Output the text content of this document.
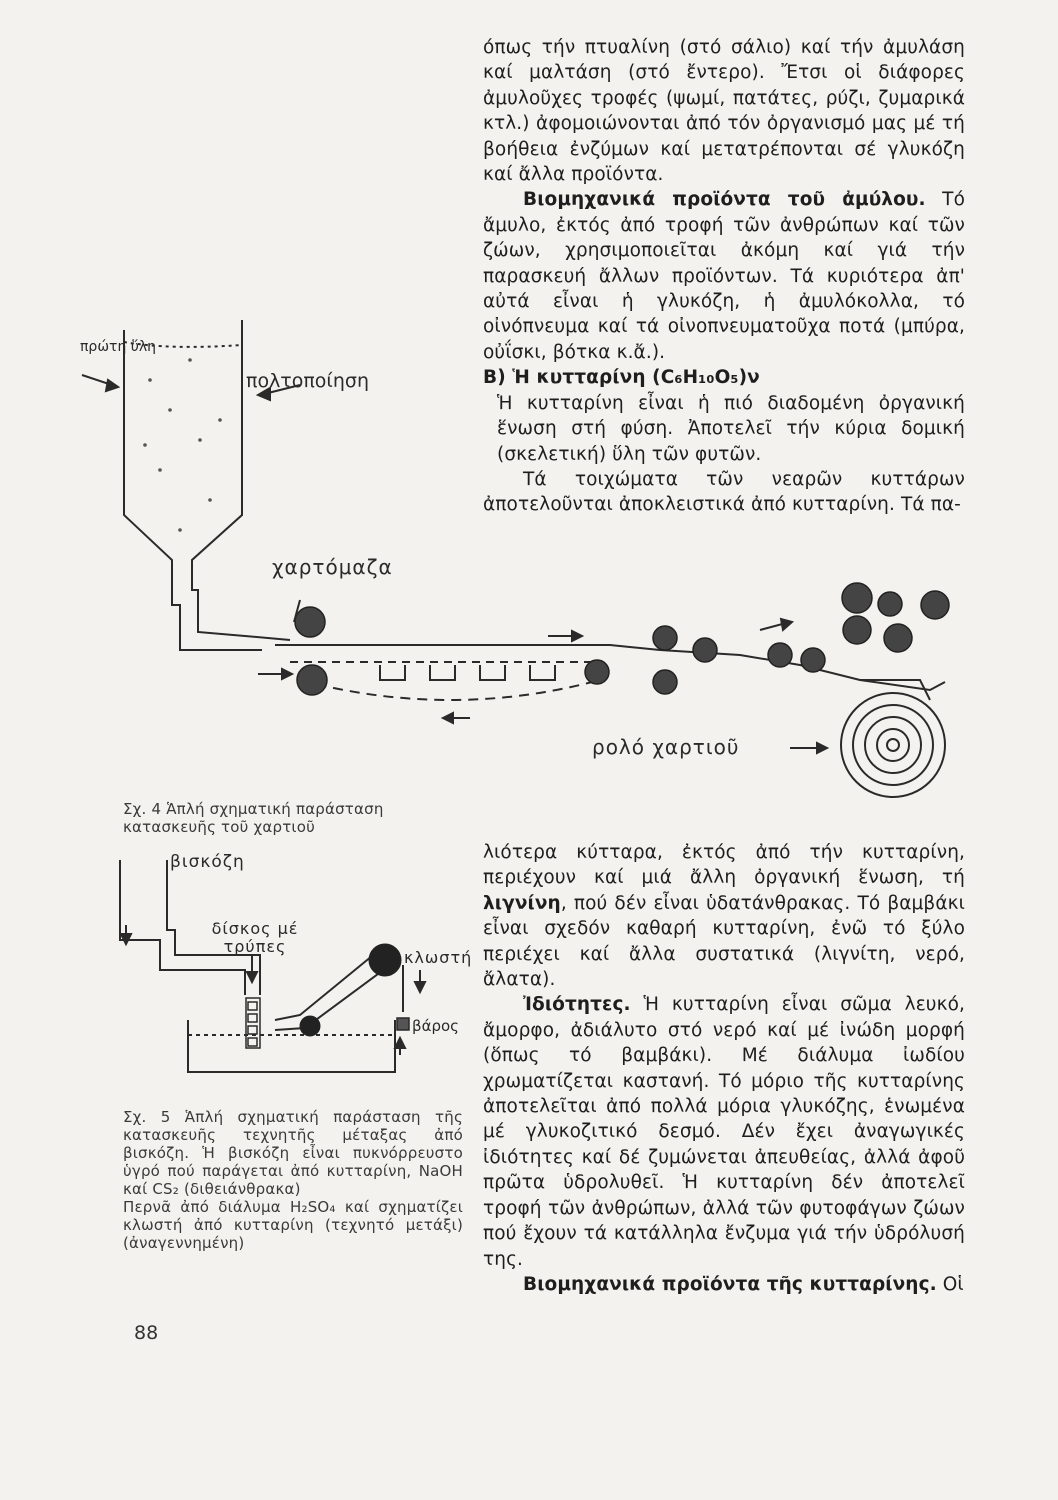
όπως τήν πτυαλίνη (στό σάλιο) καί τήν ἀμυλάση καί μαλτάση (στό ἔντερο). Ἔτσι οἱ διάφορες ἀμυλοῦχες τροφές (ψωμί, πατάτες, ρύζι, ζυμαρικά κτλ.) ἀφομοιώνονται ἀπό τόν ὀργανισμό μας μέ τή βοήθεια ἐνζύμων καί μετατρέπονται σέ γλυκόζη καί ἄλλα προϊόντα.

Βιομηχανικά προϊόντα τοῦ ἀμύλου. Τό ἄμυλο, ἐκτός ἀπό τροφή τῶν ἀνθρώπων καί τῶν ζώων, χρησιμοποιεῖται ἀκόμη καί γιά τήν παρασκευή ἄλλων προϊόντων. Τά κυριότερα ἀπ' αὐτά εἶναι ἡ γλυκόζη, ἡ ἀμυλόκολλα, τό οἰνόπνευμα καί τά οἰνοπνευματοῦχα ποτά (μπύρα, οὐΐσκι, βότκα κ.ἄ.).

Β) Ἡ κυτταρίνη (C₆H₁₀O₅)ν

Ἡ κυτταρίνη εἶναι ἡ πιό διαδομένη ὀργανική ἕνωση στή φύση. Ἀποτελεῖ τήν κύρια δομική (σκελετική) ὕλη τῶν φυτῶν.

Τά τοιχώματα τῶν νεαρῶν κυττάρων ἀποτελοῦνται ἀποκλειστικά ἀπό κυτταρίνη. Τά πα-

λιότερα κύτταρα, ἐκτός ἀπό τήν κυτταρίνη, περιέχουν καί μιά ἄλλη ὀργανική ἕνωση, τή λιγνίνη, πού δέν εἶναι ὑδατάνθρακας. Τό βαμβάκι εἶναι σχεδόν καθαρή κυτταρίνη, ἐνῶ τό ξύλο περιέχει καί ἄλλα συστατικά (λιγνίτη, νερό, ἄλατα).

Ἰδιότητες. Ἡ κυτταρίνη εἶναι σῶμα λευκό, ἄμορφο, ἀδιάλυτο στό νερό καί μέ ἰνώδη μορφή (ὅπως τό βαμβάκι). Μέ διάλυμα ἰωδίου χρωματίζεται καστανή. Τό μόριο τῆς κυτταρίνης ἀποτελεῖται ἀπό πολλά μόρια γλυκόζης, ἑνωμένα μέ γλυκοζιτικό δεσμό. Δέν ἔχει ἀναγωγικές ἰδιότητες καί δέ ζυμώνεται ἀπευθείας, ἀλλά ἀφοῦ πρῶτα ὑδρολυθεῖ. Ἡ κυτταρίνη δέν ἀποτελεῖ τροφή τῶν ἀνθρώπων, ἀλλά τῶν φυτοφάγων ζώων πού ἔχουν τά κατάλληλα ἔνζυμα γιά τήν ὑδρόλυσή της.

Βιομηχανικά προϊόντα τῆς κυτταρίνης. Οἱ

πρώτη ὕλη
πολτοποίηση
χαρτόμαζα
ρολό χαρτιοῦ
Σχ. 4 Ἁπλή σχηματική παράσταση κατασκευῆς τοῦ χαρτιοῦ
βισκόζη
δίσκος μέ τρύπες
κλωστή
βάρος
Σχ. 5 Ἁπλή σχηματική παράσταση τῆς κατασκευῆς τεχνητῆς μέταξας ἀπό βισκόζη. Ἡ βισκόζη εἶναι πυκνόρρευστο ὑγρό πού παράγεται ἀπό κυτταρίνη, NaOH καί CS₂ (διθειάνθρακα)
Περνᾶ ἀπό διάλυμα H₂SO₄ καί σχηματίζει κλωστή ἀπό κυτταρίνη (τεχνητό μετάξι) (ἀναγεννημένη)
88
